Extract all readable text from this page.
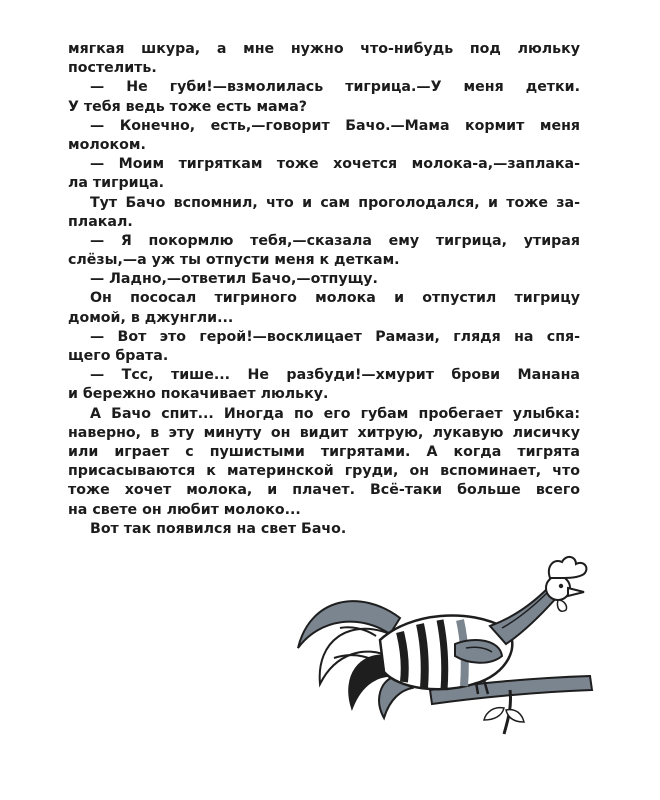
мягкая шкура, а мне нужно что-нибудь под люльку
постелить.
— Не губи!—взмолилась тигрица.—У меня детки.
У тебя ведь тоже есть мама?
— Конечно, есть,—говорит Бачо.—Мама кормит меня
молоком.
— Моим тигряткам тоже хочется молока-а,—заплака-
ла тигрица.
Тут Бачо вспомнил, что и сам проголодался, и тоже за-
плакал.
— Я покормлю тебя,—сказала ему тигрица, утирая
слёзы,—а уж ты отпусти меня к деткам.
— Ладно,—ответил Бачо,—отпущу.
Он пососал тигриного молока и отпустил тигрицу
домой, в джунгли...
— Вот это герой!—восклицает Рамази, глядя на спя-
щего брата.
— Тсс, тише... Не разбуди!—хмурит брови Манана
и бережно покачивает люльку.
А Бачо спит... Иногда по его губам пробегает улыбка:
наверно, в эту минуту он видит хитрую, лукавую лисичку
или играет с пушистыми тигрятами. А когда тигрята
присасываются к материнской груди, он вспоминает, что
тоже хочет молока, и плачет. Всё-таки больше всего
на свете он любит молоко...
Вот так появился на свет Бачо.
